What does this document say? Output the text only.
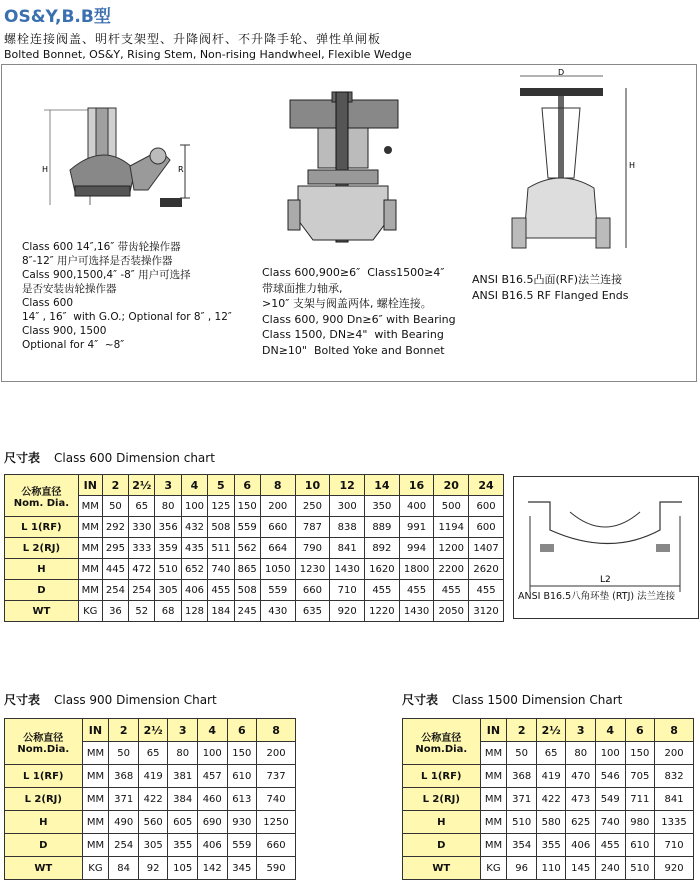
OS&Y,B.B型
螺栓连接阀盖、明杆支架型、升降阀杆、不升降手轮、弹性单闸板
Bolted Bonnet, OS&Y, Rising Stem, Non-rising Handwheel, Flexible Wedge
H	R
D
H
Class 600 14″,16″ 带齿轮操作器
8″-12″ 用户可选择是否装操作器
Calss 900,1500,4″ -8″ 用户可选择
是否安装齿轮操作器
Class 600
14″ , 16″  with G.O.; Optional for 8″ , 12″
Class 900, 1500
Optional for 4″  ~8″
Class 600,900≥6″  Class1500≥4″
带球面推力轴承,
>10″ 支架与阀盖两体, 螺栓连接。
Class 600, 900 Dn≥6″ with Bearing
Class 1500, DN≥4"  with Bearing
DN≥10"  Bolted Yoke and Bonnet
ANSI B16.5凸面(RF)法兰连接
ANSI B16.5 RF Flanged Ends
尺寸表 Class 600 Dimension chart
公称直径
Nom. Dia.	IN	2	2½	3	4	5	6	8	10	12	14	16	20	24
	MM	50	65	80	100	125	150	200	250	300	350	400	500	600
L 1(RF)	MM	292	330	356	432	508	559	660	787	838	889	991	1194	600
L 2(RJ)	MM	295	333	359	435	511	562	664	790	841	892	994	1200	1407
H	MM	445	472	510	652	740	865	1050	1230	1430	1620	1800	2200	2620
D	MM	254	254	305	406	455	508	559	660	710	455	455	455	455
WT	KG	36	52	68	128	184	245	430	635	920	1220	1430	2050	3120
L2
ANSI B16.5八角环垫 (RTJ) 法兰连接
尺寸表 Class 900 Dimension Chart
公称直径
Nom.Dia.	IN	2	2½	3	4	6	8
	MM	50	65	80	100	150	200
L 1(RF)	MM	368	419	381	457	610	737
L 2(RJ)	MM	371	422	384	460	613	740
H	MM	490	560	605	690	930	1250
D	MM	254	305	355	406	559	660
WT	KG	84	92	105	142	345	590
尺寸表 Class 1500 Dimension Chart
公称直径
Nom.Dia.	IN	2	2½	3	4	6	8
	MM	50	65	80	100	150	200
L 1(RF)	MM	368	419	470	546	705	832
L 2(RJ)	MM	371	422	473	549	711	841
H	MM	510	580	625	740	980	1335
D	MM	354	355	406	455	610	710
WT	KG	96	110	145	240	510	920
